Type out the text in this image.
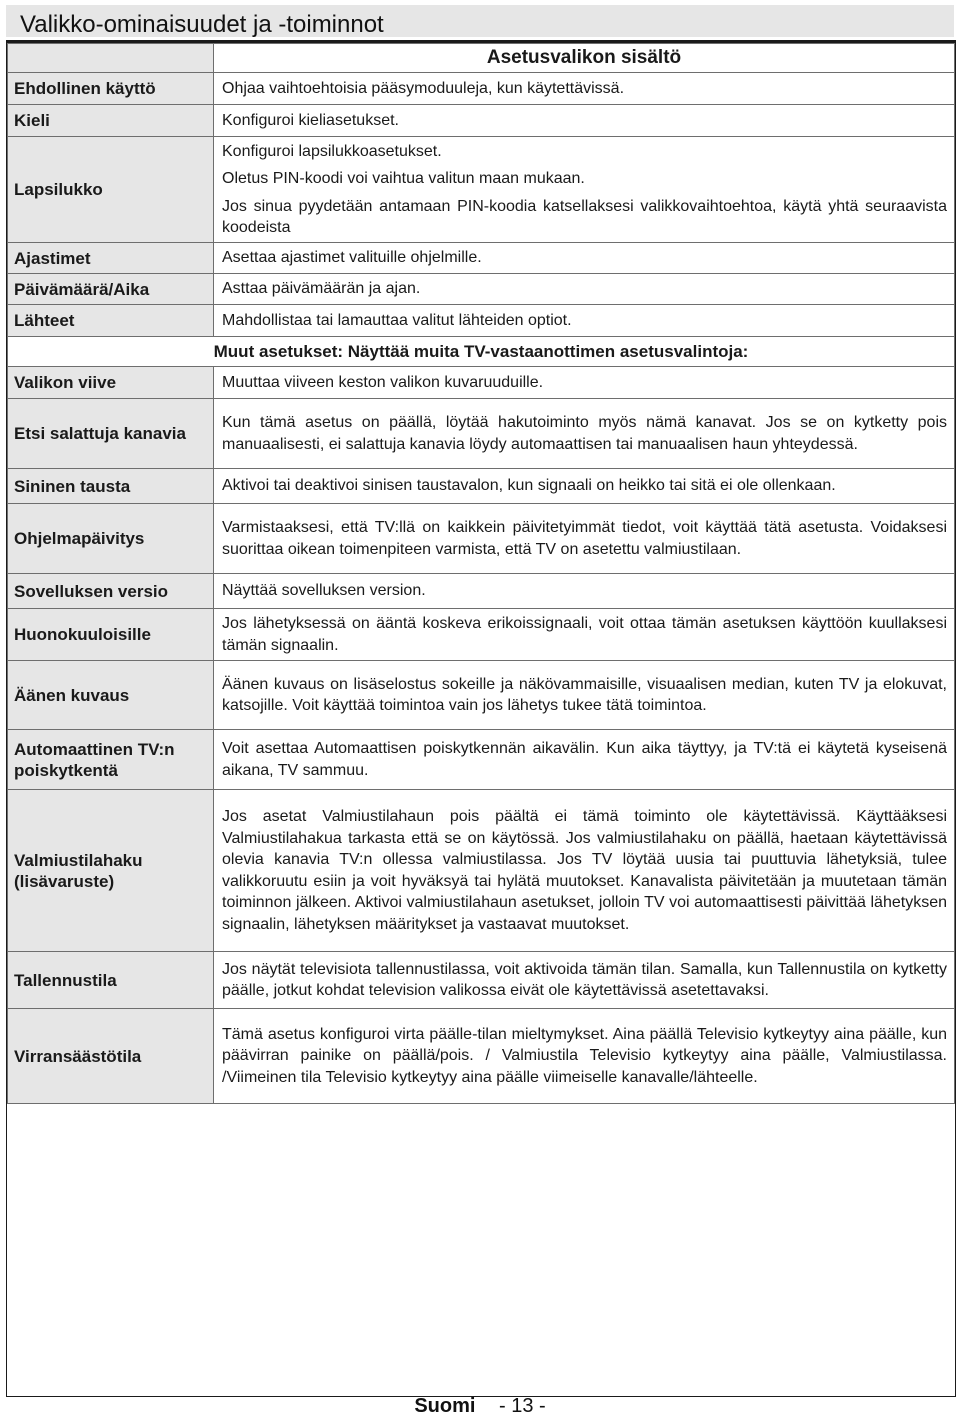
Valikko-ominaisuudet ja -toiminnot
	Asetusvalikon sisältö
Ehdollinen käyttö	Ohjaa vaihtoehtoisia pääsymoduuleja, kun käytettävissä.
Kieli	Konfiguroi kieliasetukset.
Lapsilukko	Konfiguroi lapsilukkoasetukset.
Oletus PIN-koodi voi vaihtua valitun maan mukaan.
Jos sinua pyydetään antamaan PIN-koodia katsellaksesi valikkovaihtoehtoa, käytä yhtä seuraavista koodeista

Ajastimet	Asettaa ajastimet valituille ohjelmille.
Päivämäärä/Aika	Asttaa päivämäärän ja ajan.
Lähteet	Mahdollistaa tai lamauttaa valitut lähteiden optiot.
Muut asetukset: Näyttää muita TV-vastaanottimen asetusvalintoja:	
Valikon viive	Muuttaa viiveen keston valikon kuvaruuduille.
Etsi salattuja kanavia	Kun tämä asetus on päällä, löytää hakutoiminto myös nämä kanavat. Jos se on kytketty pois manuaalisesti, ei salattuja kanavia löydy automaattisen tai manuaalisen haun yhteydessä.
Sininen tausta	Aktivoi tai deaktivoi sinisen taustavalon, kun signaali on heikko tai sitä ei ole ollenkaan.
Ohjelmapäivitys	Varmistaaksesi, että TV:llä on kaikkein päivitetyimmät tiedot, voit käyttää tätä asetusta. Voidaksesi suorittaa oikean toimenpiteen varmista, että TV on asetettu valmiustilaan.
Sovelluksen versio	Näyttää sovelluksen version.
Huonokuuloisille	Jos lähetyksessä on ääntä koskeva erikoissignaali, voit ottaa tämän asetuksen käyttöön kuullaksesi tämän signaalin.
Äänen kuvaus	Äänen kuvaus on lisäselostus sokeille ja näkövammaisille, visuaalisen median, kuten TV ja elokuvat, katsojille. Voit käyttää toimintoa vain jos lähetys tukee tätä toimintoa.
Automaattinen TV:n poiskytkentä	Voit asettaa Automaattisen poiskytkennän aikavälin. Kun aika täyttyy, ja TV:tä ei käytetä kyseisenä aikana, TV sammuu.
Valmiustilahaku (lisävaruste)	Jos asetat Valmiustilahaun pois päältä ei tämä toiminto ole käytettävissä. Käyttääksesi Valmiustilahakua tarkasta että se on käytössä. Jos valmiustilahaku on päällä, haetaan käytettävissä olevia kanavia TV:n ollessa valmiustilassa. Jos TV löytää uusia tai puuttuvia lähetyksiä, tulee valikkoruutu esiin ja voit hyväksyä tai hylätä muutokset. Kanavalista päivitetään ja muutetaan tämän toiminnon jälkeen. Aktivoi valmiustilahaun asetukset, jolloin TV voi automaattisesti päivittää lähetyksen signaalin, lähetyksen määritykset ja vastaavat muutokset.
Tallennustila	Jos näytät televisiota tallennustilassa, voit aktivoida tämän tilan. Samalla, kun Tallennustila on kytketty päälle, jotkut kohdat television valikossa eivät ole käytettävissä asetettavaksi.
Virransäästötila	Tämä asetus konfiguroi virta päälle-tilan mieltymykset. Aina päällä Televisio kytkeytyy aina päälle, kun päävirran painike on päällä/pois. / Valmiustila Televisio kytkeytyy aina päälle, Valmiustilassa. /Viimeinen tila Televisio kytkeytyy aina päälle viimeiselle kanavalle/lähteelle.
Suomi - 13 -
